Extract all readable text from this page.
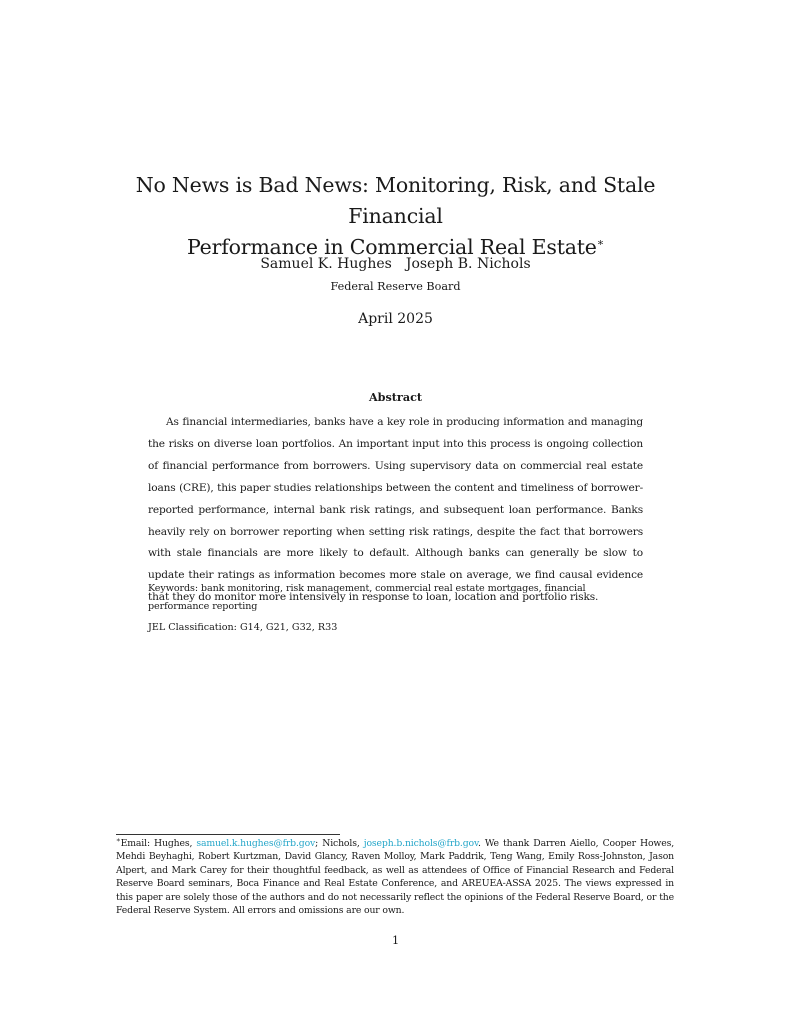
No News is Bad News: Monitoring, Risk, and Stale Financial
Performance in Commercial Real Estate∗
Samuel K. Hughes Joseph B. Nichols
Federal Reserve Board
April 2025
Abstract

As financial intermediaries, banks have a key role in producing information and managing the risks on diverse loan portfolios. An important input into this process is ongoing collection of financial performance from borrowers. Using supervisory data on commercial real estate loans (CRE), this paper studies relationships between the content and timeliness of borrower-reported performance, internal bank risk ratings, and subsequent loan performance. Banks heavily rely on borrower reporting when setting risk ratings, despite the fact that borrowers with stale financials are more likely to default. Although banks can generally be slow to update their ratings as information becomes more stale on average, we find causal evidence that they do monitor more intensively in response to loan, location and portfolio risks.

Keywords: bank monitoring, risk management, commercial real estate mortgages, financial performance reporting

JEL Classification: G14, G21, G32, R33

∗Email: Hughes, samuel.k.hughes@frb.gov; Nichols, joseph.b.nichols@frb.gov. We thank Darren Aiello, Cooper Howes, Mehdi Beyhaghi, Robert Kurtzman, David Glancy, Raven Molloy, Mark Paddrik, Teng Wang, Emily Ross-Johnston, Jason Alpert, and Mark Carey for their thoughtful feedback, as well as attendees of Office of Financial Research and Federal Reserve Board seminars, Boca Finance and Real Estate Conference, and AREUEA-ASSA 2025. The views expressed in this paper are solely those of the authors and do not necessarily reflect the opinions of the Federal Reserve Board, or the Federal Reserve System. All errors and omissions are our own.

1
